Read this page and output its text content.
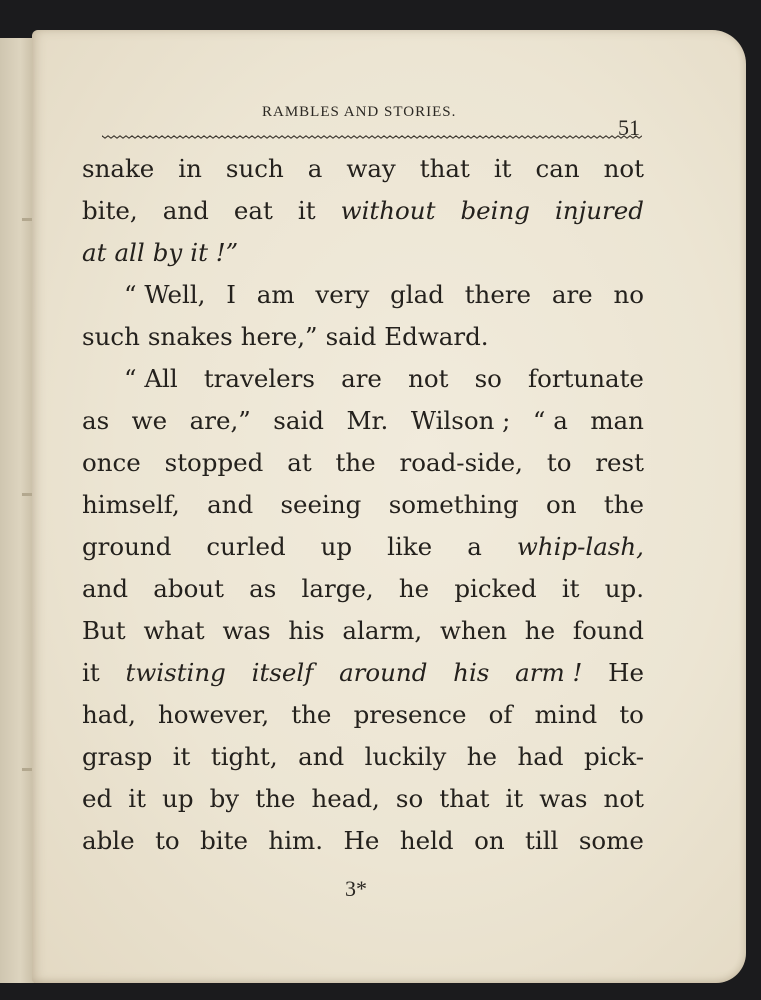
RAMBLES AND STORIES.
51
snake in such a way that it can not
bite, and eat it without being injured
at all by it !”
“ Well, I am very glad there are no
such snakes here,” said Edward.
“ All travelers are not so fortunate
as we are,” said Mr. Wilson ; “ a man
once stopped at the road-side, to rest
himself, and seeing something on the
ground curled up like a whip-lash,
and about as large, he picked it up.
But what was his alarm, when he found
it twisting itself around his arm ! He
had, however, the presence of mind to
grasp it tight, and luckily he had pick-
ed it up by the head, so that it was not
able to bite him. He held on till some
3*
